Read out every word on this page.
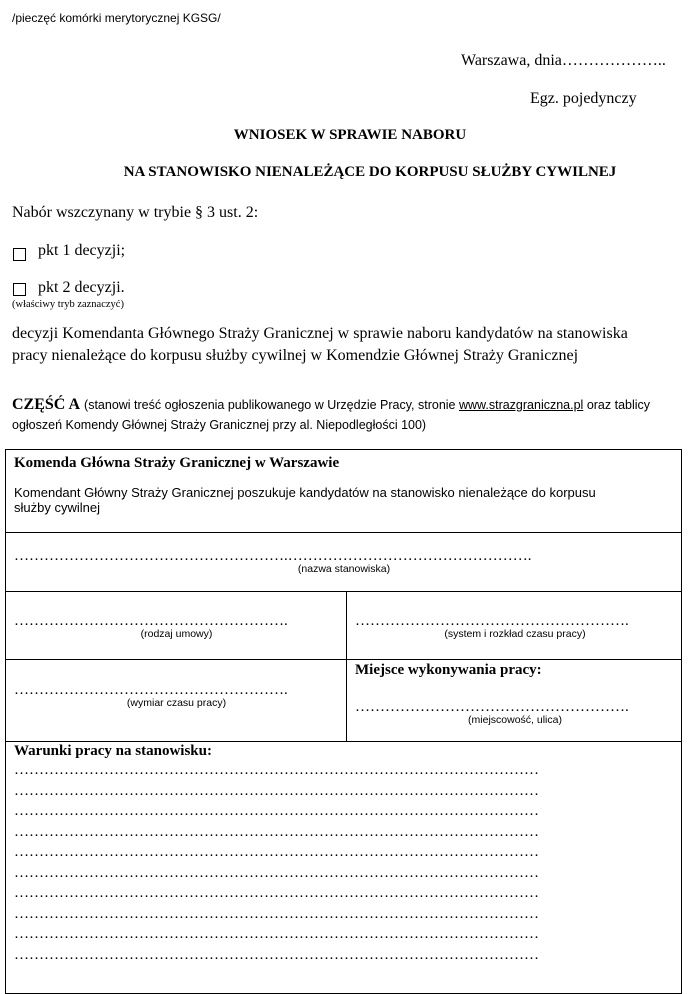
/pieczęć komórki merytorycznej KGSG/
Warszawa, dnia………………..
Egz. pojedynczy
WNIOSEK W SPRAWIE NABORU
NA STANOWISKO NIENALEŻĄCE DO KORPUSU SŁUŻBY CYWILNEJ
Nabór wszczynany w trybie § 3 ust. 2:
pkt 1 decyzji;
pkt 2 decyzji.
(właściwy tryb zaznaczyć)
decyzji Komendanta Głównego Straży Granicznej w sprawie naboru kandydatów na stanowiska
pracy nienależące do korpusu służby cywilnej w Komendzie Głównej Straży Granicznej
CZĘŚĆ A (stanowi treść ogłoszenia publikowanego w Urzędzie Pracy, stronie www.strazgraniczna.pl oraz tablicy
ogłoszeń Komendy Głównej Straży Granicznej przy al. Niepodległości 100)
Komenda Główna Straży Granicznej w Warszawie
Komendant Główny Straży Granicznej poszukuje kandydatów na stanowisko nienależące do korpusu
służby cywilnej
……………………………………………….………………………………………….
(nazwa stanowiska)
……………………………………………….
(rodzaj umowy)
……………………………………………….
(system i rozkład czasu pracy)
……………………………………………….
(wymiar czasu pracy)
Miejsce wykonywania pracy:
……………………………………………….
(miejscowość, ulica)
Warunki pracy na stanowisku:
……………………………………………………………………………………………
……………………………………………………………………………………………
……………………………………………………………………………………………
……………………………………………………………………………………………
……………………………………………………………………………………………
……………………………………………………………………………………………
……………………………………………………………………………………………
……………………………………………………………………………………………
……………………………………………………………………………………………
……………………………………………………………………………………………
